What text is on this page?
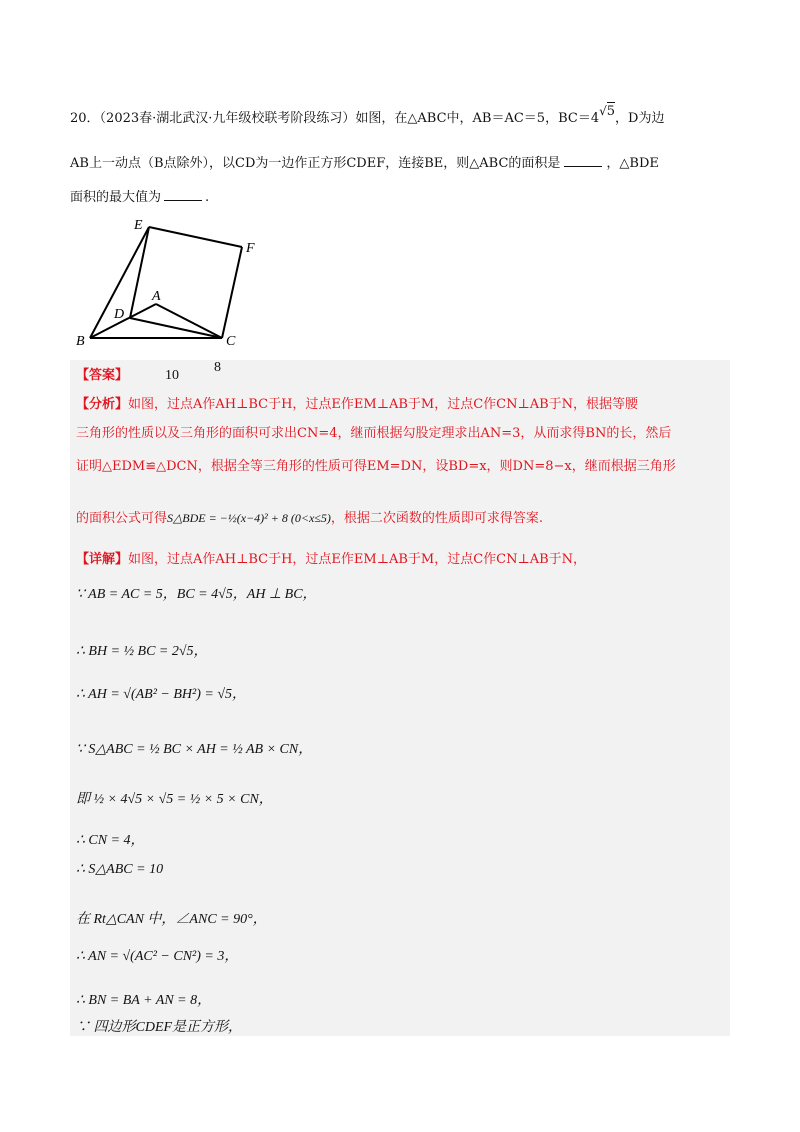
20．（2023春·湖北武汉·九年级校联考阶段练习）如图，在△ABC中，AB＝AC＝5，BC＝4√5，D为边
AB上一动点（B点除外），以CD为一边作正方形CDEF，连接BE，则△ABC的面积是	，△BDE
面积的最大值为	.
E
F
A
D
B	C
【答案】	10
8
【分析】如图，过点A作AH⊥BC于H，过点E作EM⊥AB于M，过点C作CN⊥AB于N，根据等腰
三角形的性质以及三角形的面积可求出CN=4，继而根据勾股定理求出AN=3，从而求得BN的长，然后
证明△EDM≌△DCN，根据全等三角形的性质可得EM=DN，设BD=x，则DN=8−x，继而根据三角形
的面积公式可得S△BDE = −½(x−4)² + 8 (0<x≤5)，根据二次函数的性质即可求得答案.
【详解】如图，过点A作AH⊥BC于H，过点E作EM⊥AB于M，过点C作CN⊥AB于N，
∵ AB = AC = 5，BC = 4√5，AH ⊥ BC，
∴ BH = ½ BC = 2√5，
∴ AH = √(AB² − BH²) = √5，
∵ S△ABC = ½ BC × AH = ½ AB × CN，
即 ½ × 4√5 × √5 = ½ × 5 × CN，
∴ CN = 4，
∴ S△ABC = 10
在 Rt△CAN 中，∠ANC = 90°，
∴ AN = √(AC² − CN²) = 3，
∴ BN = BA + AN = 8，
∵ 四边形CDEF是正方形，
